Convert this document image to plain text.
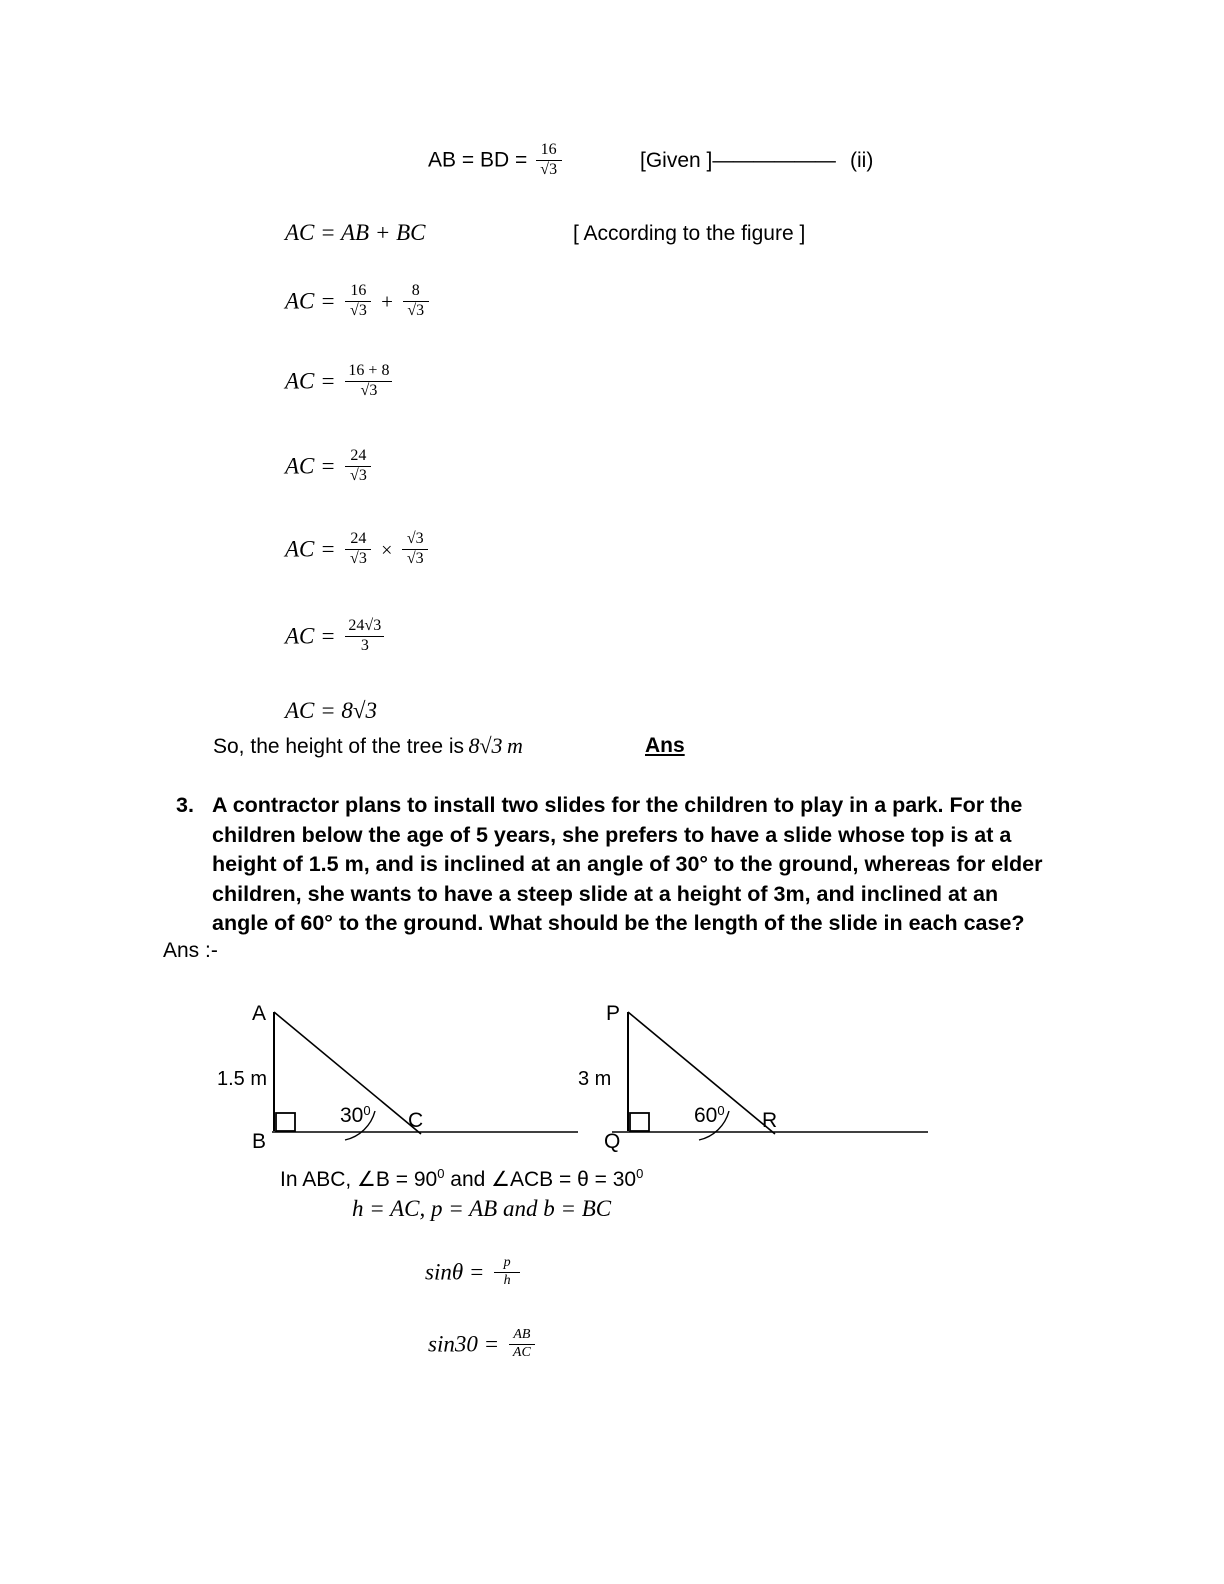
AB = BD = $\frac{16}{√3}$	[Given ]—————— (ii)
AC = AB + BC	[ According to the figure ]
AC = $\frac{16}{√3} + \frac{8}{√3}$
AC = $\frac{16 + 8}{√3}$
AC = $\frac{24}{√3}$
AC = $\frac{24}{√3} \times \frac{√3}{√3}$
AC = $\frac{24√3}{3}$
AC = 8√3
So, the height of the tree is 8√3 m	Ans
3. A contractor plans to install two slides for the children to play in a park. For the children below the age of 5 years, she prefers to have a slide whose top is at a height of 1.5 m, and is inclined at an angle of 30° to the ground, whereas for elder children, she wants to have a steep slide at a height of 3m, and inclined at an angle of 60° to the ground. What should be the length of the slide in each case?
Ans :-
A
B
C
1.5 m
$30^0$
P
Q
R
3 m
$60^0$
In ABC, ∠B = $90^0$ and ∠ACB = $\theta = 30^0$
h = AC, p = AB and b = BC
$\sin\theta = \frac{p}{h}$
$\sin 30 = \frac{AB}{AC}$
